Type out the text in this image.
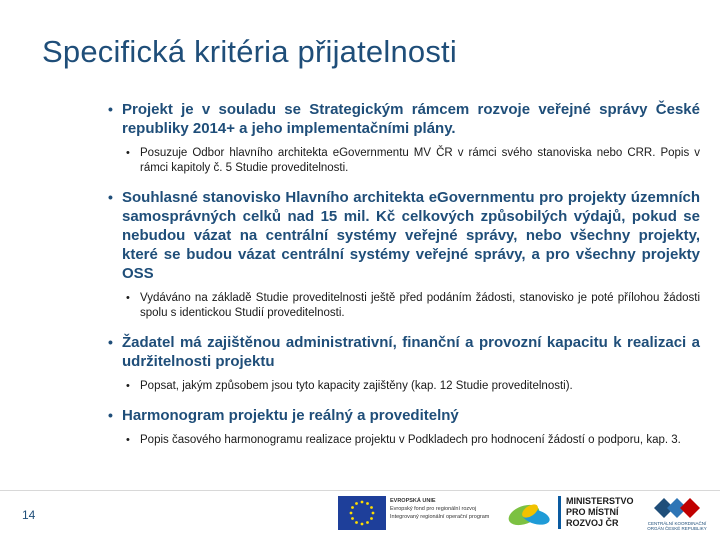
Specifická kritéria přijatelnosti
• Projekt je v souladu se Strategickým rámcem rozvoje veřejné správy České republiky 2014+ a jeho implementačními plány.
• Posuzuje Odbor hlavního architekta eGovernmentu MV ČR v rámci svého stanoviska nebo CRR. Popis v rámci kapitoly č. 5 Studie proveditelnosti.
• Souhlasné stanovisko Hlavního architekta eGovernmentu pro projekty územních samosprávných celků nad 15 mil. Kč celkových způsobilých výdajů, pokud se nebudou vázat na centrální systémy veřejné správy, nebo všechny projekty, které se budou vázat centrální systémy veřejné správy, a pro všechny projekty OSS
• Vydáváno na základě Studie proveditelnosti ještě před podáním žádosti, stanovisko je poté přílohou žádosti spolu s identickou Studií proveditelnosti.
• Žadatel má zajištěnou administrativní, finanční a provozní kapacitu k realizaci a udržitelnosti projektu
• Popsat, jakým způsobem jsou tyto kapacity zajištěny (kap. 12 Studie proveditelnosti).
• Harmonogram projektu je reálný a proveditelný
• Popis časového harmonogramu realizace projektu v Podkladech pro hodnocení žádostí o podporu, kap. 3.
14
EVROPSKÁ UNIE
Evropský fond pro regionální rozvoj
Integrovaný regionální operační program
MINISTERSTVO
PRO MÍSTNÍ
ROZVOJ ČR	CENTRÁLNÍ KOORDINAČNÍ ORGÁN ČESKÉ REPUBLIKY
